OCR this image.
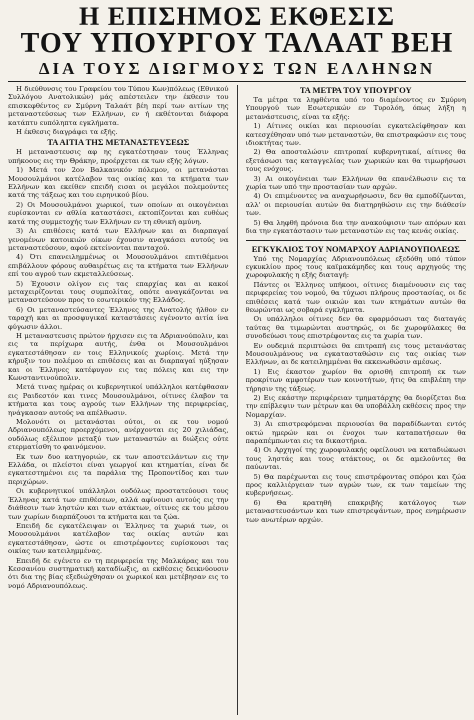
Η ΕΠΙΣΗΜΟΣ ΕΚΘΕΣΙΣ
ΤΟΥ ΥΠΟΥΡΓΟΥ ΤΑΛΑΑΤ ΒΕΗ
ΔΙΑ ΤΟΥΣ ΔΙΩΓΜΟΥΣ ΤΩΝ ΕΛΛΗΝΩΝ

Η διεύθυνσις του Γραφείου του Τύπου Κων)πόλεως (Εθνικού Συλλόγου Ανατολικών) μάς απέστειλεν την έκθεσιν του επισκεφθέντος εν Σμύρνη Ταλαάτ βέη περί των αιτίων της μεταναστεύσεως των Ελλήνων, εν ή εκθέτονται διάφορα κατάπτυ ευπόληπτα εγκλήματα.

Η έκθεσις διαγράφει τα εξής.

ΤΑ ΑΙΤΙΑ ΤΗΣ ΜΕΤΑΝΑΣΤΕΥΣΕΩΣ

Η μεταναστευσις αφ ης εγκατέστησαν τους Έλληνας υπήκοους εις την Θράκην, προέρχεται εκ των εξής λόγων.

1) Μετά τον 2ον Βαλκανικόν πόλεμον, οι μετανάσται Μουσουλμάνοι κατέλαβον τας οικίας και τα κτήματα των Ελλήνων και εκείθεν επειδή εισαι οι μεγάλοι πολεμούντες κατά της τάξεως και του ειρηνικού βίου.

2) Οι Μουσουλμάνοι χωρικοί, των οποίων αι οικογένειαι ευρίσκονται εν αθλία καταστάσει, εκτοπίζονται και ευθέως κατά της συμμετοχής των Ελλήνων εν τη εθνική αμύνη.

3) Αι επιθέσεις κατά των Ελλήνων και αι διαρπαγαί γενομένων κατοικιών οίκων έχουσιν αναγκάσει αυτούς να μεταναστεύσουν, αφού εκτείνονται πανταχού.

4) Ότι επανειλημμένως οι Μουσουλμάνοι επιτιθέμενοι επιβάλλουν φόρους αυθαιρέτως εις τα κτήματα των Ελλήνων επί του αγρού των εκμεταλλεύσεως.

5) Έχουσιν ολίγον εις τας επαρχίας και αι κακοί μεταχειρίζονται τους συμπολίτας, οπότε αναγκάζονται να μεταναστεύσουν προς το εσωτερικόν της Ελλάδος.

6) Οι μεταναστεύσαντες Έλληνες της Ανατολής ήλθον εν ταραχή και αι προσφυγικαί καταστάσεις εγένοντο αιτία ίνα φύγωσιν άλλοι.

Η μεταναστευσις πρώτον ήρχισεν εις τα Αδριανούπολιν, και εις τα περίχωρα αυτής, ένθα οι Μουσουλμάνοι εγκατεστάθησαν εν τοις Ελληνικοίς χωρίοις. Μετά την κήρυξιν του πολέμου αι επιθέσεις και αι διαρπαγαί ηύξησαν και οι Έλληνες κατέφυγον εις τας πόλεις και εις την Κωνσταντινούπολιν.

Μετά τινας ημέρας οι κυβερνητικοί υπάλληλοι κατέφθασαν εις Ραιδεστόν και τινες Μουσουλμάνοι, οίτινες έλαβον τα κτήματα και τους αγρούς των Ελλήνων της περιφερείας, ηνάγκασαν αυτούς να απέλθωσιν.

Μολονότι οι μετανάσται ούτοι, οι εκ του νομού Αδριανουπόλεως προερχόμενοι, ανέρχονται εις 20 χιλιάδας, ουδόλως εξέλιπον μεταξύ των μεταναστών αι διώξεις ούτε ετερματίσθη το φαινόμενον.

Εκ των δυο κατηγοριών, εκ των αποστειλάντων εις την Ελλάδα, οι πλείστοι είναι γεωργοί και κτηματίαι, είναι δε εγκατεστημένοι εις τα παράλια της Προποντίδος και των περιχώρων.

Οι κυβερνητικοί υπάλληλοι ουδόλως προστατεύουσι τους Έλληνας κατά των επιθέσεων, αλλά αφίνουσι αυτούς εις την διάθεσιν των ληστών και των ατάκτων, οίτινες εκ του μέσου των χωρίων διαρπάζουσι τα κτήματα και τα ζώα.

Επειδή δε εγκατέλειψαν οι Έλληνες τα χωριά των, οι Μουσουλμάνοι κατέλαβον τας οικίας αυτών και εγκατεστάθησαν, ώστε οι επιστρέφοντες ευρίσκουσι τας οικίας των κατειλημμένας.

Επειδή δε εγένετο εν τη περιφερεία της Μαλκάρας και του Κεσσανίου συστηματική καταδίωξις, αι εκθέσεις δεικνύουσιν ότι δια της βίας εξεδιώχθησαν οι χωρικοί και μετέβησαν εις το νομό Αδριανουπόλεως.

ΤΑ ΜΕΤΡΑ ΤΟΥ ΥΠΟΥΡΓΟΥ

Τα μέτρα τα ληφθέντα υπό του διαμένοντος εν Σμύρνη Υπουργού των Εσωτερικών εν Τυρολόη, όπως λήξη η μετανάστευσις, είναι τα εξής:

1) Αίτινες οικίαι και περιουσίαι εγκατελείφθησαν και κατεσχέθησαν υπό των μεταναστών, θα επιστραφώσιν εις τους ιδιοκτήτας των.

2) Θα αποσταλώσιν επιτροπαί κυβερνητικαί, αίτινες θα εξετάσωσι τας καταγγελίας των χωρικών και θα τιμωρήσωσι τους ενόχους.

3) Αι οικογένειαι των Ελλήνων θα επανέλθωσιν εις τα χωρία των υπό την προστασίαν των αρχών.

4) Οι επιμένοντες να αναχωρήσωσιν, δεν θα εμποδίζωνται, αλλ' οι περιουσίαι αυτών θα διατηρηθώσιν εις την διάθεσίν των.

5) Θα ληφθή πρόνοια δια την ανακούφισιν των απόρων και δια την εγκατάστασιν των μεταναστών εις τας κενάς οικίας.

ΕΓΚΥΚΛΙΟΣ ΤΟΥ ΝΟΜΑΡΧΟΥ ΑΔΡΙΑΝΟΥΠΟΛΕΩΣ

Υπό της Νομαρχίας Αδριανουπόλεως εξεδόθη υπό τύπον εγκυκλίου προς τους καϊμακάμηδες και τους αρχηγούς της χωροφυλακής η εξής διαταγή:

Πάντες οι Έλληνες υπήκοοι, οίτινες διαμένουσιν εις τας περιφερείας του νομού, θα τύχωσι πλήρους προστασίας, οι δε επιθέσεις κατά των οικιών και των κτημάτων αυτών θα θεωρώνται ως σοβαρά εγκλήματα.

Οι υπάλληλοι οίτινες δεν θα εφαρμόσωσι τας διαταγάς ταύτας θα τιμωρώνται αυστηρώς, οι δε χωροφύλακες θα συνοδεύωσι τους επιστρέφοντας εις τα χωρία των.

Εν ουδεμιά περιπτώσει θα επιτραπή εις τους μετανάστας Μουσουλμάνους να εγκατασταθώσιν εις τας οικίας των Ελλήνων, αι δε κατειλημμέναι θα εκκενωθώσιν αμέσως.

1) Εις έκαστον χωρίον θα ορισθή επιτροπή εκ των προκρίτων αμφοτέρων των κοινοτήτων, ήτις θα επιβλέπη την τήρησιν της τάξεως.

2) Εις εκάστην περιφέρειαν τμηματάρχης θα διορίζεται δια την επίβλεψιν των μέτρων και θα υποβάλλη εκθέσεις προς την Νομαρχίαν.

3) Αι επιστρεφόμεναι περιουσίαι θα παραδίδωνται εντός οκτώ ημερών και οι ένοχοι των καταπατήσεων θα παραπέμπωνται εις τα δικαστήρια.

4) Οι Αρχηγοί της χωροφυλακής οφείλουσι να καταδιώκωσι τους ληστάς και τους ατάκτους, οι δε αμελούντες θα παύωνται.

5) Θα παρέχωνται εις τους επιστρέφοντας σπόροι και ζώα προς καλλιέργειαν των αγρών των, εκ των ταμείων της κυβερνήσεως.

6) Θα κρατηθή επακριβής κατάλογος των μεταναστευσάντων και των επιστρεψάντων, προς ενημέρωσιν των ανωτέρων αρχών.
